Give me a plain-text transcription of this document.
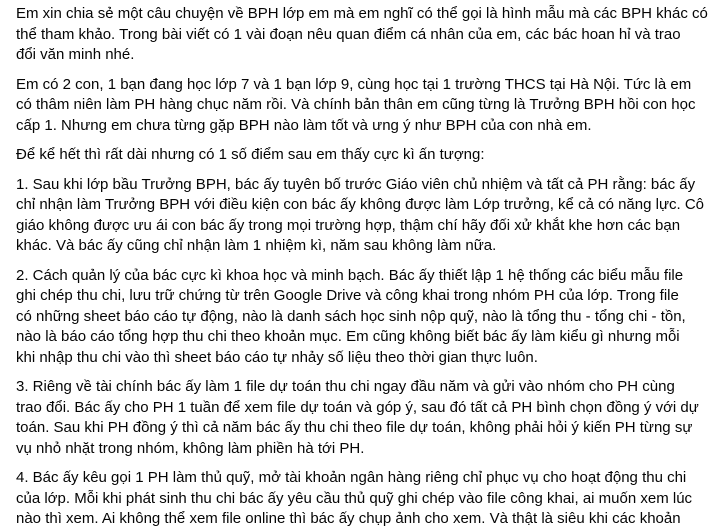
Em xin chia sẻ một câu chuyện về BPH lớp em mà em nghĩ có thể gọi là hình mẫu mà các BPH khác có
thể tham khảo. Trong bài viết có 1 vài đoạn nêu quan điểm cá nhân của em, các bác hoan hỉ và trao
đổi văn minh nhé.

Em có 2 con, 1 bạn đang học lớp 7 và 1 bạn lớp 9, cùng học tại 1 trường THCS tại Hà Nội. Tức là em
có thâm niên làm PH hàng chục năm rồi. Và chính bản thân em cũng từng là Trưởng BPH hồi con học
cấp 1. Nhưng em chưa từng gặp BPH nào làm tốt và ưng ý như BPH của con nhà em.

Để kể hết thì rất dài nhưng có 1 số điểm sau em thấy cực kì ấn tượng:

1. Sau khi lớp bầu Trưởng BPH, bác ấy tuyên bố trước Giáo viên chủ nhiệm và tất cả PH rằng: bác ấy
chỉ nhận làm Trưởng BPH với điều kiện con bác ấy không được làm Lớp trưởng, kể cả có năng lực. Cô
giáo không được ưu ái con bác ấy trong mọi trường hợp, thậm chí hãy đối xử khắt khe hơn các bạn
khác. Và bác ấy cũng chỉ nhận làm 1 nhiệm kì, năm sau không làm nữa.

2. Cách quản lý của bác cực kì khoa học và minh bạch. Bác ấy thiết lập 1 hệ thống các biểu mẫu file
ghi chép thu chi, lưu trữ chứng từ trên Google Drive và công khai trong nhóm PH của lớp. Trong file
có những sheet báo cáo tự động, nào là danh sách học sinh nộp quỹ, nào là tổng thu - tổng chi - tồn,
nào là báo cáo tổng hợp thu chi theo khoản mục. Em cũng không biết bác ấy làm kiểu gì nhưng mỗi
khi nhập thu chi vào thì sheet báo cáo tự nhảy số liệu theo thời gian thực luôn.

3. Riêng về tài chính bác ấy làm 1 file dự toán thu chi ngay đầu năm và gửi vào nhóm cho PH cùng
trao đổi. Bác ấy cho PH 1 tuần để xem file dự toán và góp ý, sau đó tất cả PH bình chọn đồng ý với dự
toán. Sau khi PH đồng ý thì cả năm bác ấy thu chi theo file dự toán, không phải hỏi ý kiến PH từng sự
vụ nhỏ nhặt trong nhóm, không làm phiền hà tới PH.

4. Bác ấy kêu gọi 1 PH làm thủ quỹ, mở tài khoản ngân hàng riêng chỉ phục vụ cho hoạt động thu chi
của lớp. Mỗi khi phát sinh thu chi bác ấy yêu cầu thủ quỹ ghi chép vào file công khai, ai muốn xem lúc
nào thì xem. Ai không thể xem file online thì bác ấy chụp ảnh cho xem. Và thật là siêu khi các khoản
